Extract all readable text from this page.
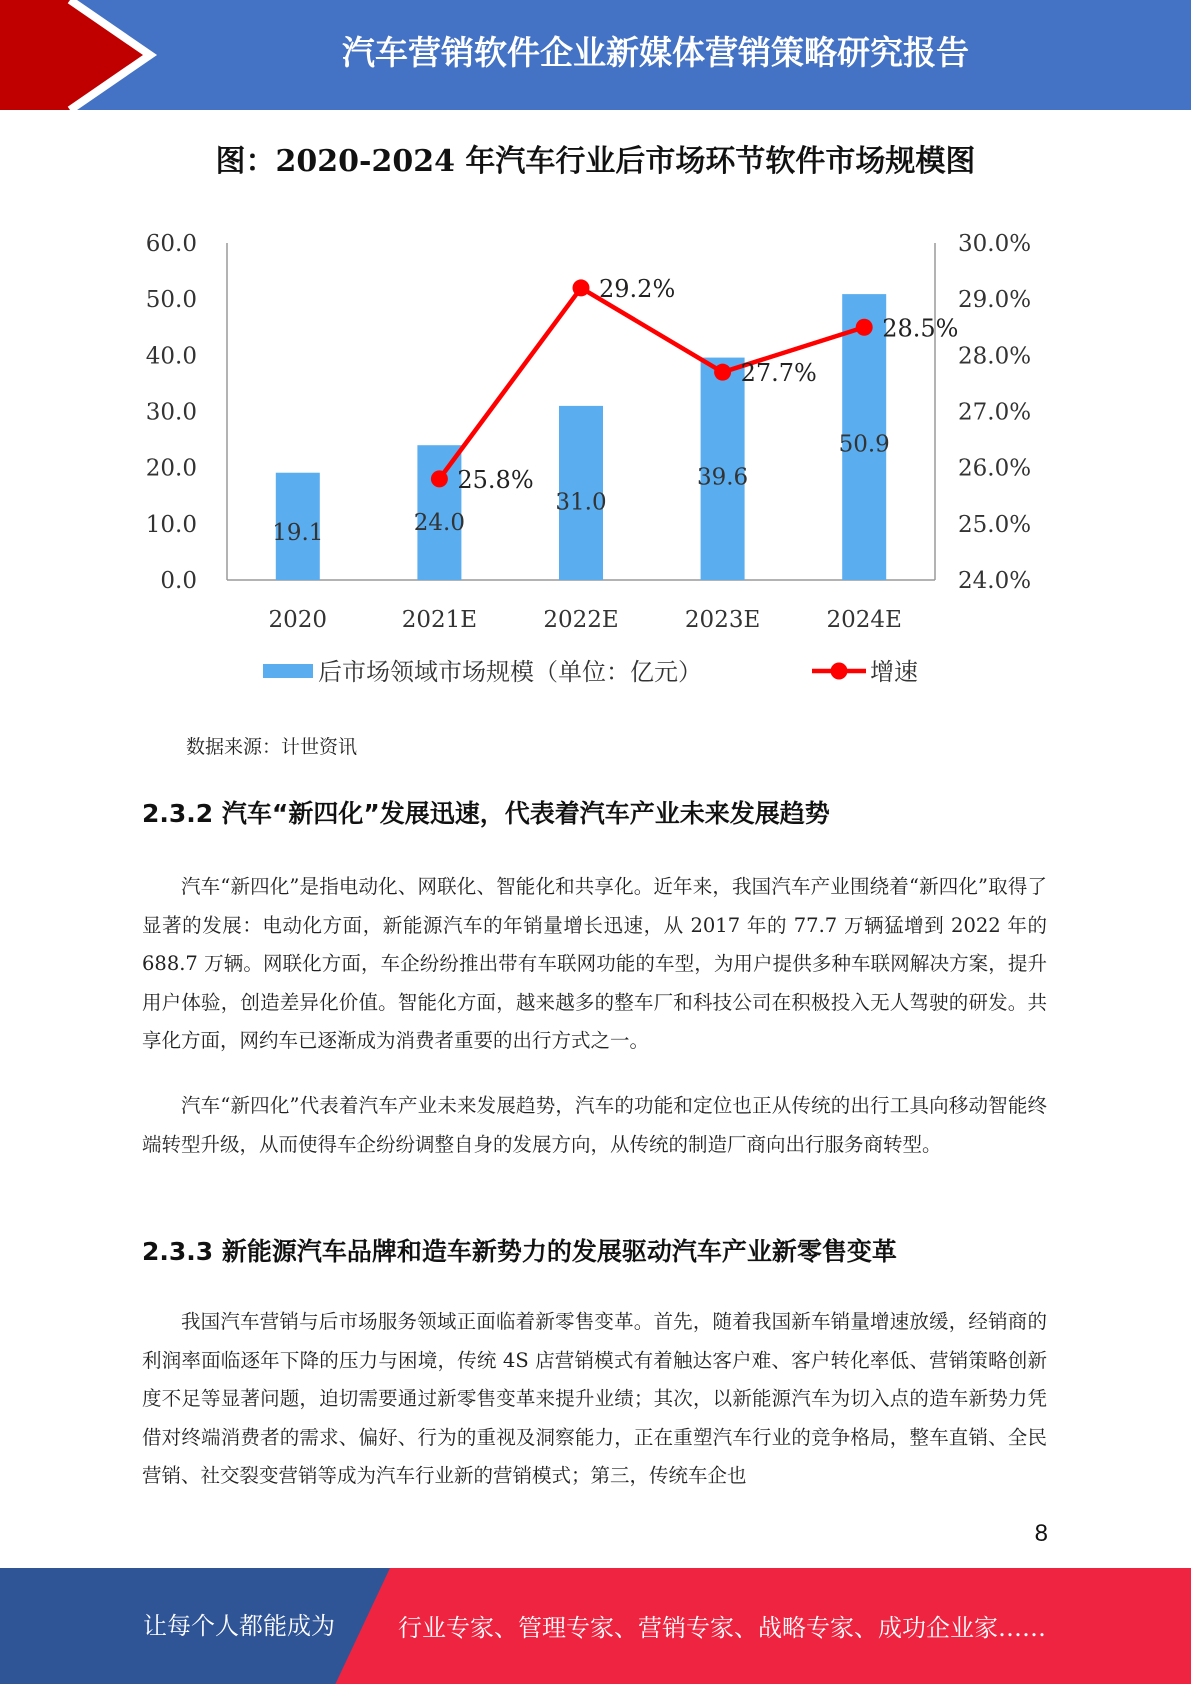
汽车营销软件企业新媒体营销策略研究报告
图：2020-2024 年汽车行业后市场环节软件市场规模图
0.0
10.0
20.0
30.0
40.0
50.0
60.0
24.0%
25.0%
26.0%
27.0%
28.0%
29.0%
30.0%
19.1	24.0
31.0
39.6
50.9
2020	2021E	2022E	2023E	2024E
25.8%
29.2%
27.7%
28.5%
后市场领域市场规模（单位：亿元）	增速
数据来源：计世资讯
2.3.2 汽车“新四化”发展迅速，代表着汽车产业未来发展趋势

汽车“新四化”是指电动化、网联化、智能化和共享化。近年来，我国汽车产业围绕着“新四化”取得了显著的发展：电动化方面，新能源汽车的年销量增长迅速，从 2017 年的 77.7 万辆猛增到 2022 年的 688.7 万辆。网联化方面，车企纷纷推出带有车联网功能的车型，为用户提供多种车联网解决方案，提升用户体验，创造差异化价值。智能化方面，越来越多的整车厂和科技公司在积极投入无人驾驶的研发。共享化方面，网约车已逐渐成为消费者重要的出行方式之一。

汽车“新四化”代表着汽车产业未来发展趋势，汽车的功能和定位也正从传统的出行工具向移动智能终端转型升级，从而使得车企纷纷调整自身的发展方向，从传统的制造厂商向出行服务商转型。

2.3.3 新能源汽车品牌和造车新势力的发展驱动汽车产业新零售变革

我国汽车营销与后市场服务领域正面临着新零售变革。首先，随着我国新车销量增速放缓，经销商的利润率面临逐年下降的压力与困境，传统 4S 店营销模式有着触达客户难、客户转化率低、营销策略创新度不足等显著问题，迫切需要通过新零售变革来提升业绩；其次，以新能源汽车为切入点的造车新势力凭借对终端消费者的需求、偏好、行为的重视及洞察能力，正在重塑汽车行业的竞争格局，整车直销、全民营销、社交裂变营销等成为汽车行业新的营销模式；第三，传统车企也

8
让每个人都能成为	行业专家、管理专家、营销专家、战略专家、成功企业家……
